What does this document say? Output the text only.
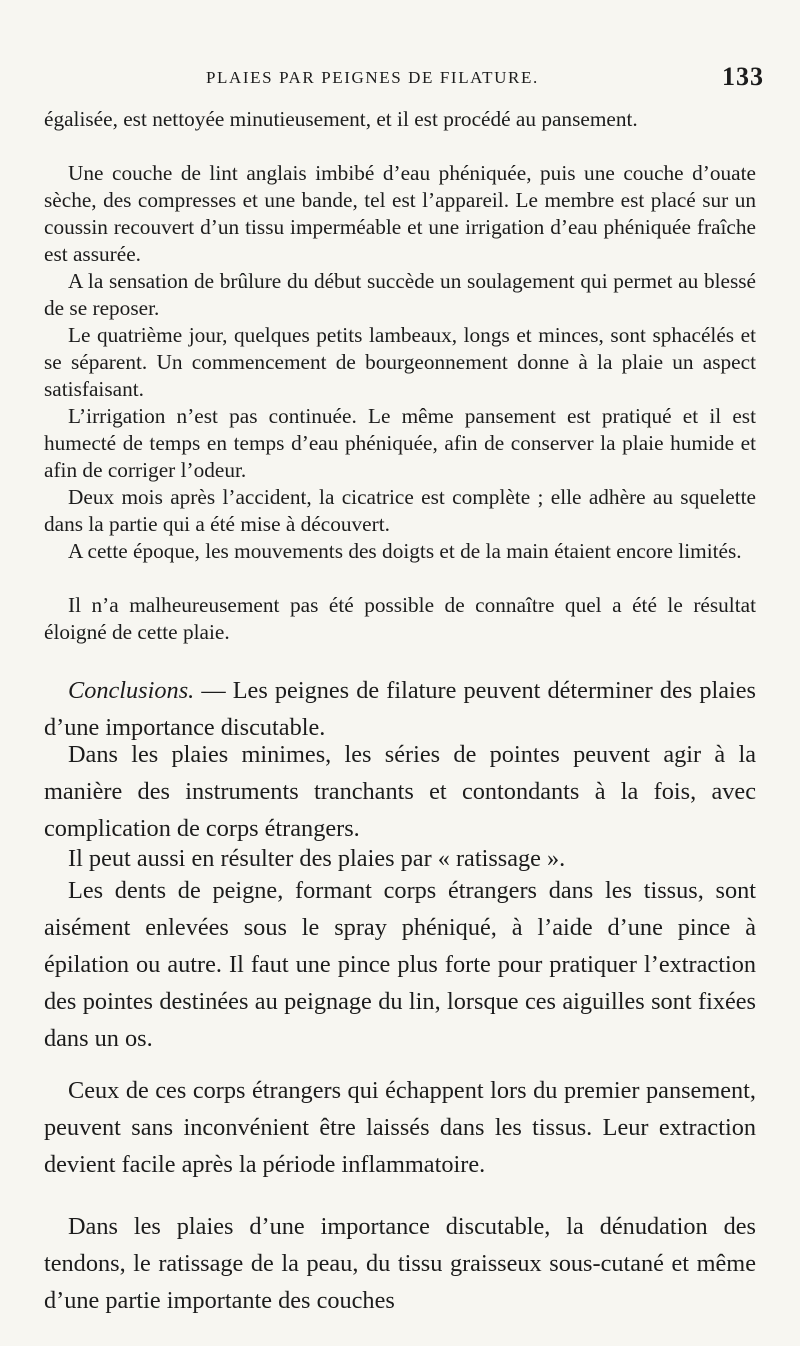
PLAIES PAR PEIGNES DE FILATURE.	133

égalisée, est nettoyée minutieusement, et il est procédé au pansement.

Une couche de lint anglais imbibé d’eau phéniquée, puis une couche d’ouate sèche, des compresses et une bande, tel est l’appareil. Le membre est placé sur un coussin recouvert d’un tissu imperméable et une irrigation d’eau phéniquée fraîche est assurée.

A la sensation de brûlure du début succède un soulagement qui permet au blessé de se reposer.

Le quatrième jour, quelques petits lambeaux, longs et minces, sont sphacélés et se séparent. Un commencement de bourgeonnement donne à la plaie un aspect satisfaisant.

L’irrigation n’est pas continuée. Le même pansement est pratiqué et il est humecté de temps en temps d’eau phéniquée, afin de conserver la plaie humide et afin de corriger l’odeur.

Deux mois après l’accident, la cicatrice est complète ; elle adhère au squelette dans la partie qui a été mise à découvert.

A cette époque, les mouvements des doigts et de la main étaient encore limités.

Il n’a malheureusement pas été possible de connaître quel a été le résultat éloigné de cette plaie.

Conclusions. — Les peignes de filature peuvent déterminer des plaies d’une importance discutable.

Dans les plaies minimes, les séries de pointes peuvent agir à la manière des instruments tranchants et contondants à la fois, avec complication de corps étrangers.

Il peut aussi en résulter des plaies par « ratissage ».

Les dents de peigne, formant corps étrangers dans les tissus, sont aisément enlevées sous le spray phéniqué, à l’aide d’une pince à épilation ou autre. Il faut une pince plus forte pour pratiquer l’extraction des pointes destinées au peignage du lin, lorsque ces aiguilles sont fixées dans un os.

Ceux de ces corps étrangers qui échappent lors du premier pansement, peuvent sans inconvénient être laissés dans les tissus. Leur extraction devient facile après la période inflammatoire.

Dans les plaies d’une importance discutable, la dénudation des tendons, le ratissage de la peau, du tissu graisseux sous-cutané et même d’une partie importante des couches
